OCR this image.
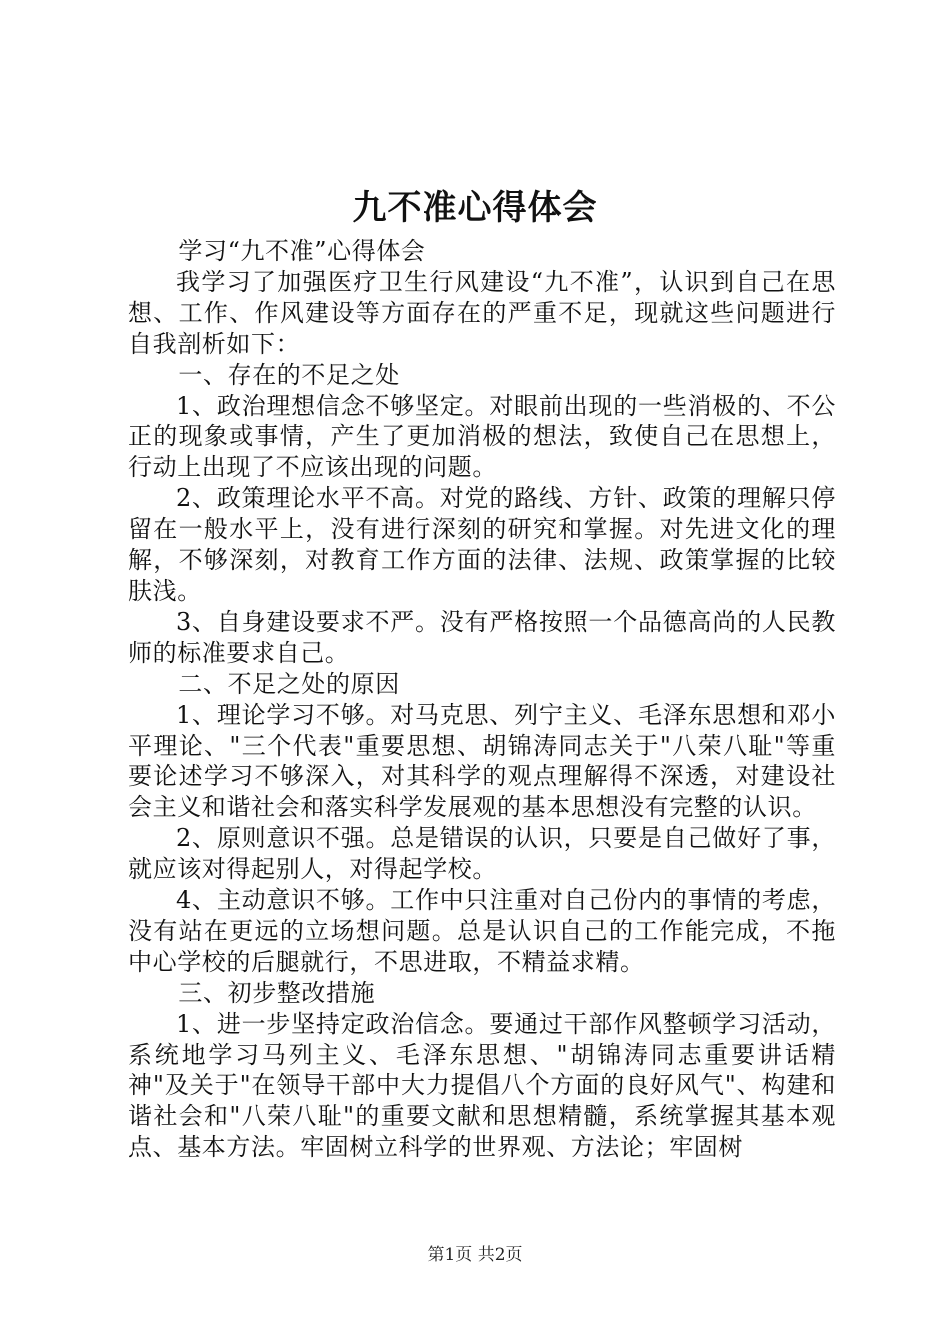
九不准心得体会

学习“九不准”心得体会

我学习了加强医疗卫生行风建设“九不准”，认识到自己在思想、工作、作风建设等方面存在的严重不足，现就这些问题进行自我剖析如下：

一、存在的不足之处

1、政治理想信念不够坚定。对眼前出现的一些消极的、不公正的现象或事情，产生了更加消极的想法，致使自己在思想上，行动上出现了不应该出现的问题。

2、政策理论水平不高。对党的路线、方针、政策的理解只停留在一般水平上，没有进行深刻的研究和掌握。对先进文化的理解，不够深刻，对教育工作方面的法律、法规、政策掌握的比较肤浅。

3、自身建设要求不严。没有严格按照一个品德高尚的人民教师的标准要求自己。

二、不足之处的原因

1、理论学习不够。对马克思、列宁主义、毛泽东思想和邓小平理论、"三个代表"重要思想、胡锦涛同志关于"八荣八耻"等重要论述学习不够深入，对其科学的观点理解得不深透，对建设社会主义和谐社会和落实科学发展观的基本思想没有完整的认识。

2、原则意识不强。总是错误的认识，只要是自己做好了事，就应该对得起别人，对得起学校。

4、主动意识不够。工作中只注重对自己份内的事情的考虑，没有站在更远的立场想问题。总是认识自己的工作能完成，不拖中心学校的后腿就行，不思进取，不精益求精。

三、初步整改措施

1、进一步坚持定政治信念。要通过干部作风整顿学习活动，系统地学习马列主义、毛泽东思想、"胡锦涛同志重要讲话精神"及关于"在领导干部中大力提倡八个方面的良好风气"、构建和谐社会和"八荣八耻"的重要文献和思想精髓，系统掌握其基本观点、基本方法。牢固树立科学的世界观、方法论；牢固树

第1页 共2页
